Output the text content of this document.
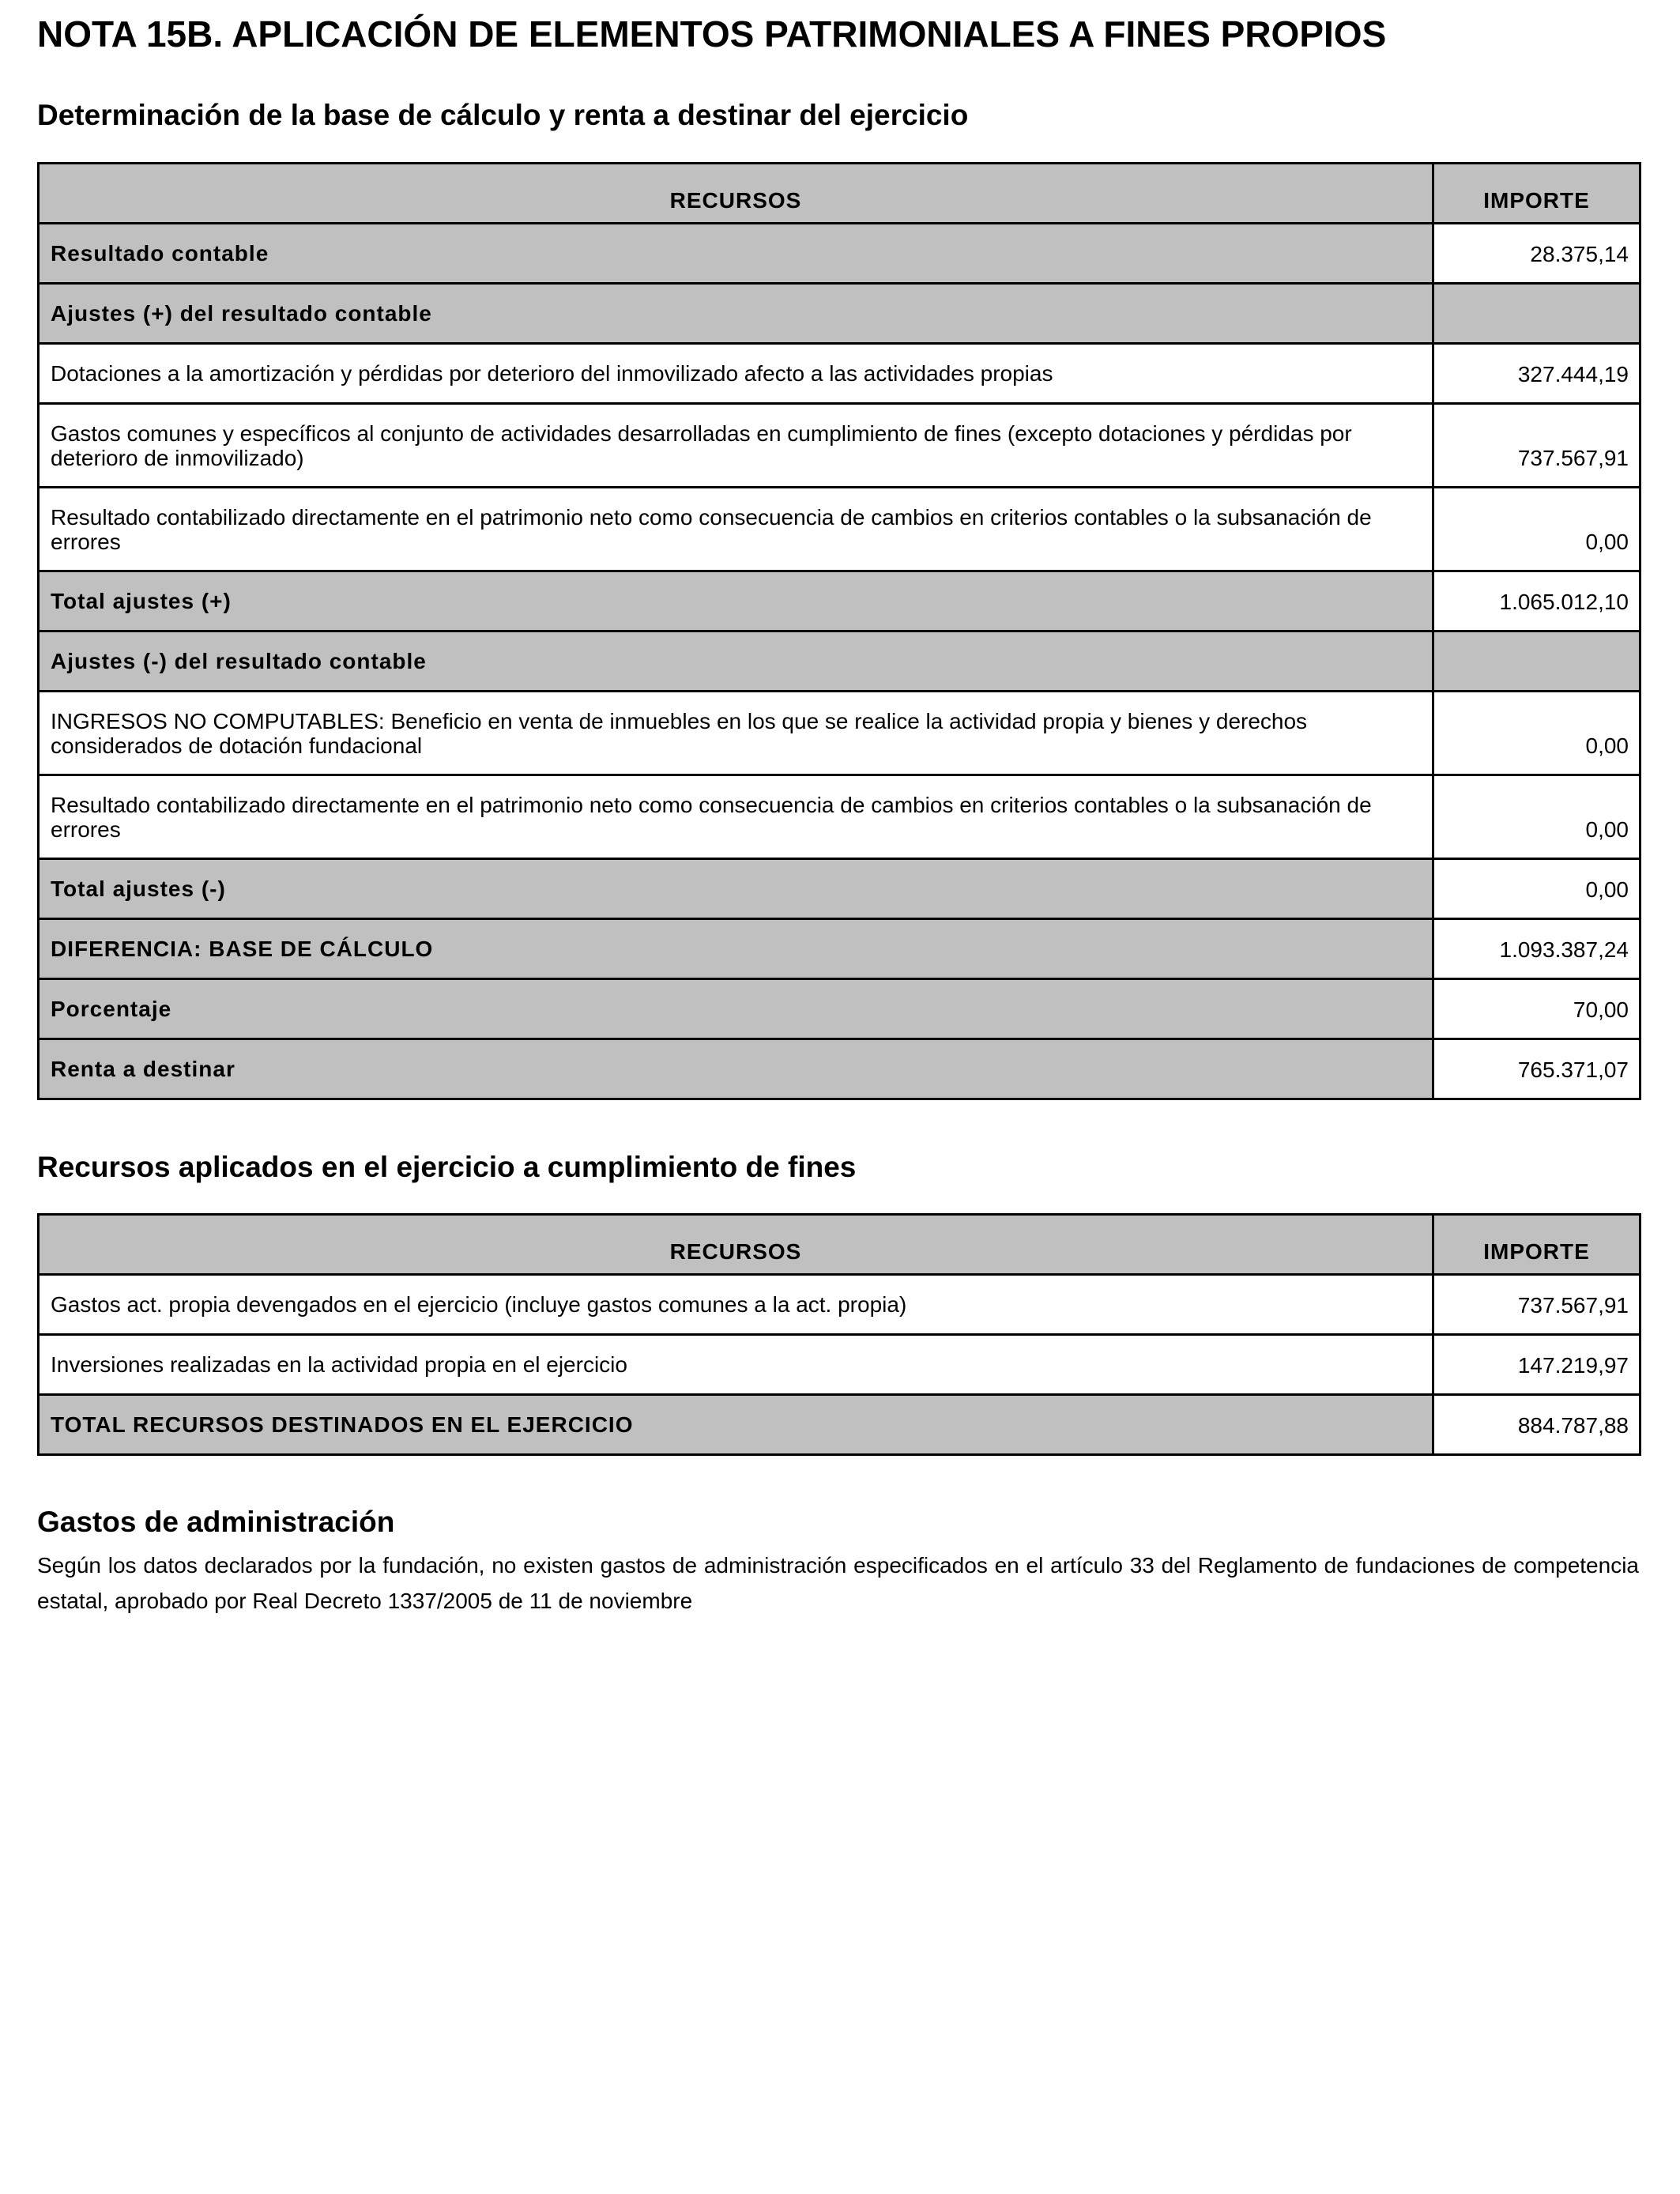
NOTA 15B. APLICACIÓN DE ELEMENTOS PATRIMONIALES A FINES PROPIOS
Determinación de la base de cálculo y renta a destinar del ejercicio
RECURSOS	IMPORTE
Resultado contable	28.375,14
Ajustes (+) del resultado contable	
Dotaciones a la amortización y pérdidas por deterioro del inmovilizado afecto a las actividades propias	327.444,19
Gastos comunes y específicos al conjunto de actividades desarrolladas en cumplimiento de fines (excepto dotaciones y pérdidas por deterioro de inmovilizado)	737.567,91
Resultado contabilizado directamente en el patrimonio neto como consecuencia de cambios en criterios contables o la subsanación de errores	0,00
Total ajustes (+)	1.065.012,10
Ajustes (-) del resultado contable	
INGRESOS NO COMPUTABLES: Beneficio en venta de inmuebles en los que se realice la actividad propia y bienes y derechos considerados de dotación fundacional	0,00
Resultado contabilizado directamente en el patrimonio neto como consecuencia de cambios en criterios contables o la subsanación de errores	0,00
Total ajustes (-)	0,00
DIFERENCIA: BASE DE CÁLCULO	1.093.387,24
Porcentaje	70,00
Renta a destinar	765.371,07
Recursos aplicados en el ejercicio a cumplimiento de fines
RECURSOS	IMPORTE
Gastos act. propia devengados en el ejercicio (incluye gastos comunes a la act. propia)	737.567,91
Inversiones realizadas en la actividad propia en el ejercicio	147.219,97
TOTAL RECURSOS DESTINADOS EN EL EJERCICIO	884.787,88
Gastos de administración
Según los datos declarados por la fundación, no existen gastos de administración especificados en el artículo 33 del Reglamento de fundaciones de competencia estatal, aprobado por Real Decreto 1337/2005 de 11 de noviembre
